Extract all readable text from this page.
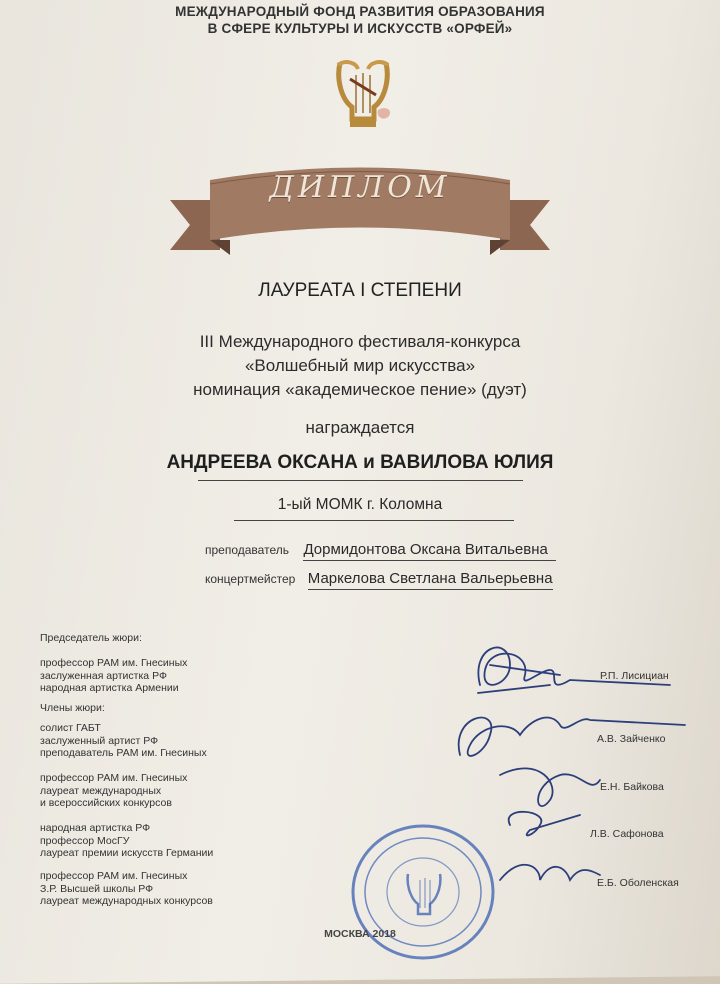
МЕЖДУНАРОДНЫЙ ФОНД РАЗВИТИЯ ОБРАЗОВАНИЯ
В СФЕРЕ КУЛЬТУРЫ И ИСКУССТВ «ОРФЕЙ»
ДИПЛОМ
ЛАУРЕАТА I СТЕПЕНИ
III Международного фестиваля-конкурса
«Волшебный мир искусства»
номинация «академическое пение» (дуэт)
награждается
АНДРЕЕВА ОКСАНА и ВАВИЛОВА ЮЛИЯ
1-ый МОМК г. Коломна
преподаватель Дормидонтова Оксана Витальевна
концертмейстер Маркелова Светлана Вальерьевна
Председатель жюри:
профессор РАМ им. Гнесиных
заслуженная артистка РФ
народная артистка Армении
Члены жюри:
солист ГАБТ
заслуженный артист РФ
преподаватель РАМ им. Гнесиных
профессор РАМ им. Гнесиных
лауреат международных
и всероссийских конкурсов
народная артистка РФ
профессор МосГУ
лауреат премии искусств Германии
профессор РАМ им. Гнесиных
З.Р. Высшей школы РФ
лауреат международных конкурсов
Р.П. Лисициан
А.В. Зайченко
Е.Н. Байкова
Л.В. Сафонова
Е.Б. Оболенская
МОСКВА 2018
